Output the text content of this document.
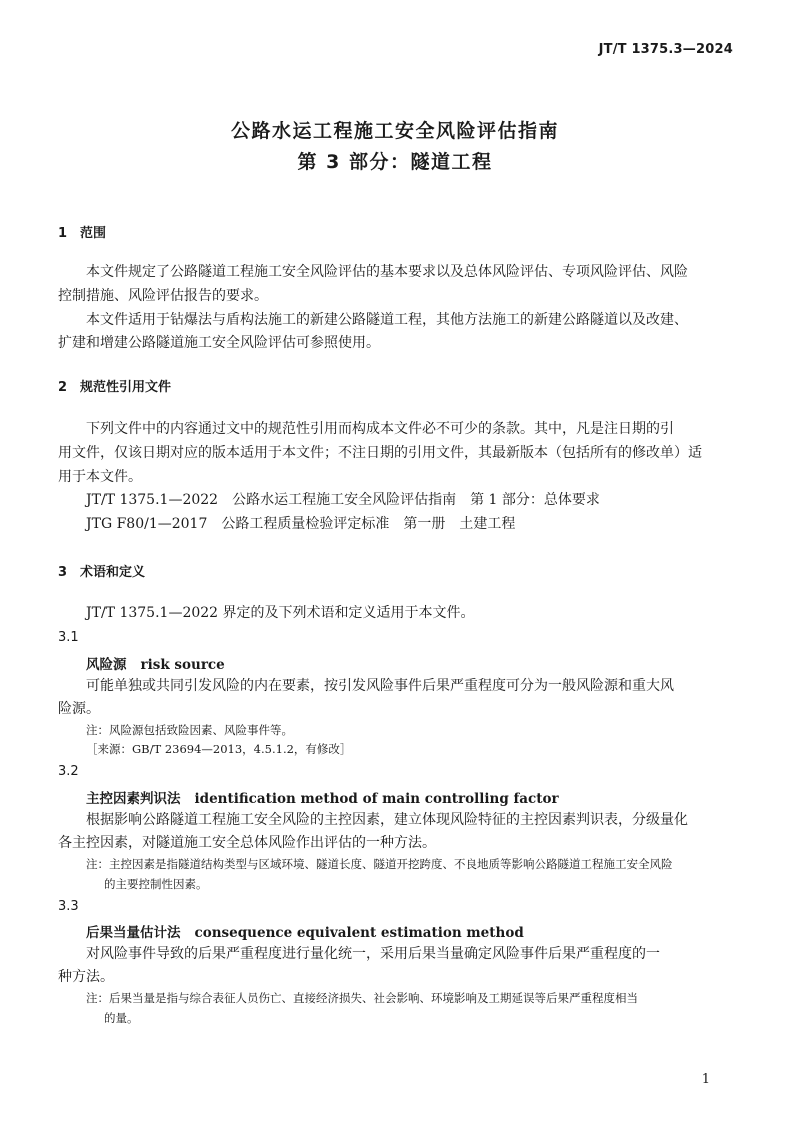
JT/T 1375.3—2024
公路水运工程施工安全风险评估指南
第 3 部分：隧道工程
1 范围
本文件规定了公路隧道工程施工安全风险评估的基本要求以及总体风险评估、专项风险评估、风险
控制措施、风险评估报告的要求。
本文件适用于钻爆法与盾构法施工的新建公路隧道工程，其他方法施工的新建公路隧道以及改建、
扩建和增建公路隧道施工安全风险评估可参照使用。
2 规范性引用文件
下列文件中的内容通过文中的规范性引用而构成本文件必不可少的条款。其中，凡是注日期的引
用文件，仅该日期对应的版本适用于本文件；不注日期的引用文件，其最新版本（包括所有的修改单）适
用于本文件。
JT/T 1375.1—2022　公路水运工程施工安全风险评估指南　第 1 部分：总体要求
JTG F80/1—2017　公路工程质量检验评定标准　第一册　土建工程
3 术语和定义
JT/T 1375.1—2022 界定的及下列术语和定义适用于本文件。
3.1
风险源 risk source
可能单独或共同引发风险的内在要素，按引发风险事件后果严重程度可分为一般风险源和重大风
险源。
注：风险源包括致险因素、风险事件等。
［来源：GB/T 23694—2013，4.5.1.2，有修改］
3.2
主控因素判识法 identification method of main controlling factor
根据影响公路隧道工程施工安全风险的主控因素，建立体现风险特征的主控因素判识表，分级量化
各主控因素，对隧道施工安全总体风险作出评估的一种方法。
注：主控因素是指隧道结构类型与区域环境、隧道长度、隧道开挖跨度、不良地质等影响公路隧道工程施工安全风险
的主要控制性因素。
3.3
后果当量估计法 consequence equivalent estimation method
对风险事件导致的后果严重程度进行量化统一，采用后果当量确定风险事件后果严重程度的一
种方法。
注：后果当量是指与综合表征人员伤亡、直接经济损失、社会影响、环境影响及工期延误等后果严重程度相当
的量。
1
